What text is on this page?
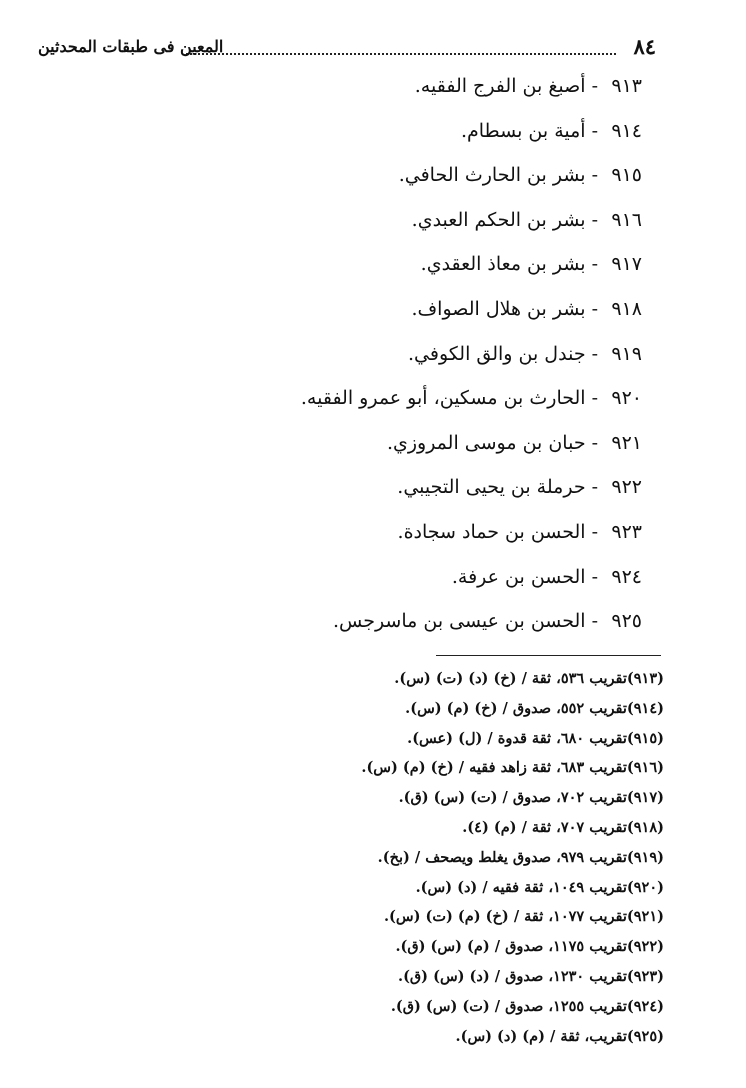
٨٤
المعين فى طبقات المحدثين
٩١٣-أصبغ بن الفرج الفقيه.
٩١٤-أمية بن بسطام.
٩١٥-بشر بن الحارث الحافي.
٩١٦-بشر بن الحكم العبدي.
٩١٧-بشر بن معاذ العقدي.
٩١٨-بشر بن هلال الصواف.
٩١٩-جندل بن والق الكوفي.
٩٢٠-الحارث بن مسكين، أبو عمرو الفقيه.
٩٢١-حبان بن موسى المروزي.
٩٢٢-حرملة بن يحيى التجيبي.
٩٢٣-الحسن بن حماد سجادة.
٩٢٤-الحسن بن عرفة.
٩٢٥-الحسن بن عيسى بن ماسرجس.
(٩١٣)تقريب ٥٣٦، ثقة / (خ) (د) (ت) (س).
(٩١٤)تقريب ٥٥٢، صدوق / (خ) (م) (س).
(٩١٥)تقريب ٦٨٠، ثقة قدوة / (ل) (عس).
(٩١٦)تقريب ٦٨٣، ثقة زاهد فقيه / (خ) (م) (س).
(٩١٧)تقريب ٧٠٢، صدوق / (ت) (س) (ق).
(٩١٨)تقريب ٧٠٧، ثقة / (م) (٤).
(٩١٩)تقريب ٩٧٩، صدوق يغلط ويصحف / (بخ).
(٩٢٠)تقريب ١٠٤٩، ثقة فقيه / (د) (س).
(٩٢١)تقريب ١٠٧٧، ثقة / (خ) (م) (ت) (س).
(٩٢٢)تقريب ١١٧٥، صدوق / (م) (س) (ق).
(٩٢٣)تقريب ١٢٣٠، صدوق / (د) (س) (ق).
(٩٢٤)تقريب ١٢٥٥، صدوق / (ت) (س) (ق).
(٩٢٥)تقريب، ثقة / (م) (د) (س).
